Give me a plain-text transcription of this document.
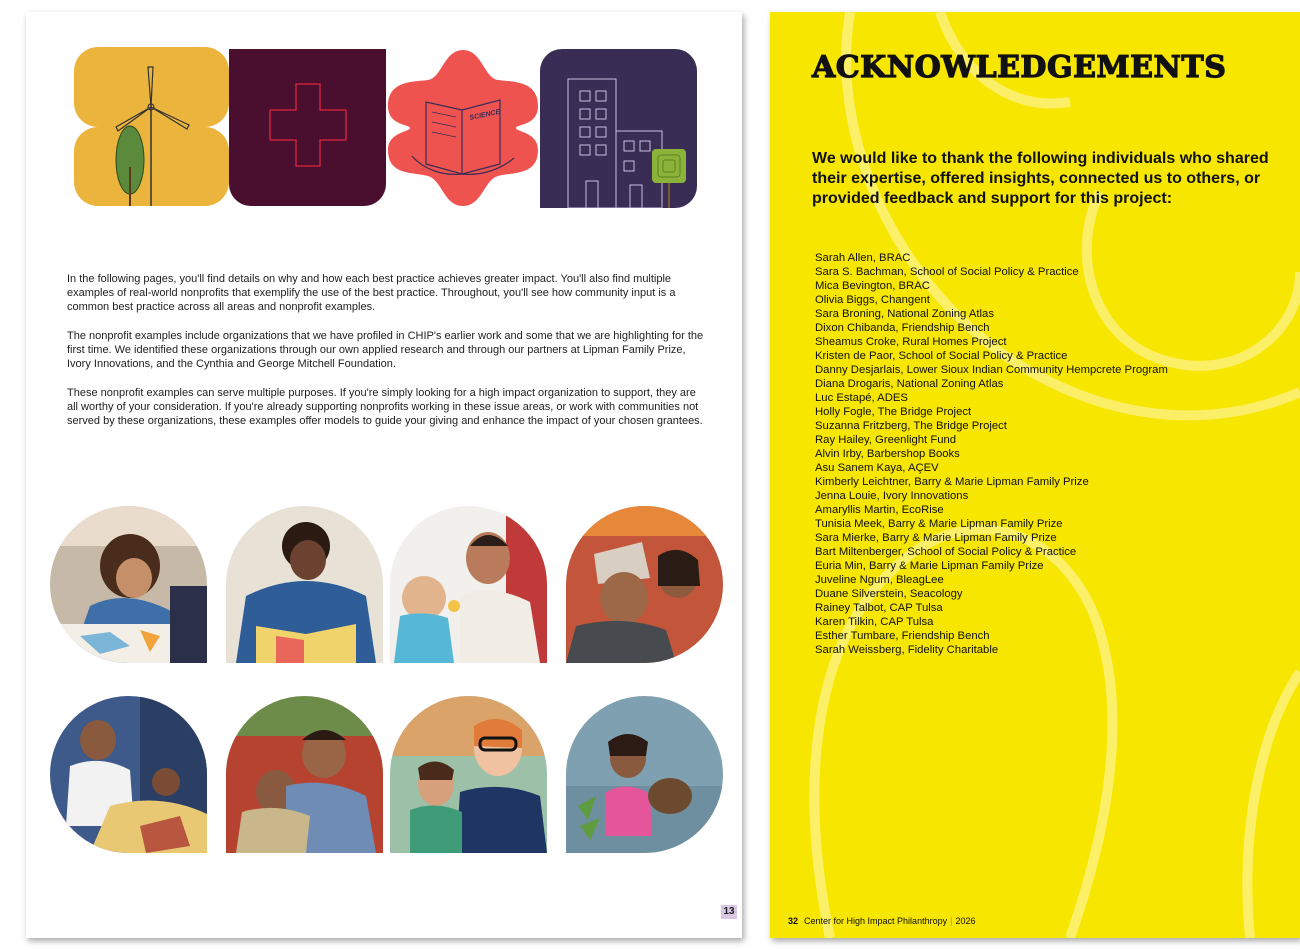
SCIENCE

In the following pages, you'll find details on why and how each best practice achieves greater impact. You'll also find multiple examples of real-world nonprofits that exemplify the use of the best practice. Throughout, you'll see how community input is a common best practice across all areas and nonprofit examples.

The nonprofit examples include organizations that we have profiled in CHIP's earlier work and some that we are highlighting for the first time. We identified these organizations through our own applied research and through our partners at Lipman Family Prize, Ivory Innovations, and the Cynthia and George Mitchell Foundation.

These nonprofit examples can serve multiple purposes. If you're simply looking for a high impact organization to support, they are all worthy of your consideration. If you're already supporting nonprofits working in these issue areas, or work with communities not served by these organizations, these examples offer models to guide your giving and enhance the impact of your chosen grantees.

13
ACKNOWLEDGEMENTS

We would like to thank the following individuals who shared their expertise, offered insights, connected us to others, or provided feedback and support for this project:

Sarah Allen, BRAC
Sara S. Bachman, School of Social Policy & Practice
Mica Bevington, BRAC
Olivia Biggs, Changent
Sara Broning, National Zoning Atlas
Dixon Chibanda, Friendship Bench
Sheamus Croke, Rural Homes Project
Kristen de Paor, School of Social Policy & Practice
Danny Desjarlais, Lower Sioux Indian Community Hempcrete Program
Diana Drogaris, National Zoning Atlas
Luc Estapé, ADES
Holly Fogle, The Bridge Project
Suzanna Fritzberg, The Bridge Project
Ray Hailey, Greenlight Fund
Alvin Irby, Barbershop Books
Asu Sanem Kaya, AÇEV
Kimberly Leichtner, Barry & Marie Lipman Family Prize
Jenna Louie, Ivory Innovations
Amaryllis Martin, EcoRise
Tunisia Meek, Barry & Marie Lipman Family Prize
Sara Mierke, Barry & Marie Lipman Family Prize
Bart Miltenberger, School of Social Policy & Practice
Euria Min, Barry & Marie Lipman Family Prize
Juveline Ngum, BleagLee
Duane Silverstein, Seacology
Rainey Talbot, CAP Tulsa
Karen Tilkin, CAP Tulsa
Esther Tumbare, Friendship Bench
Sarah Weissberg, Fidelity Charitable
32 Center for High Impact Philanthropy | 2026
